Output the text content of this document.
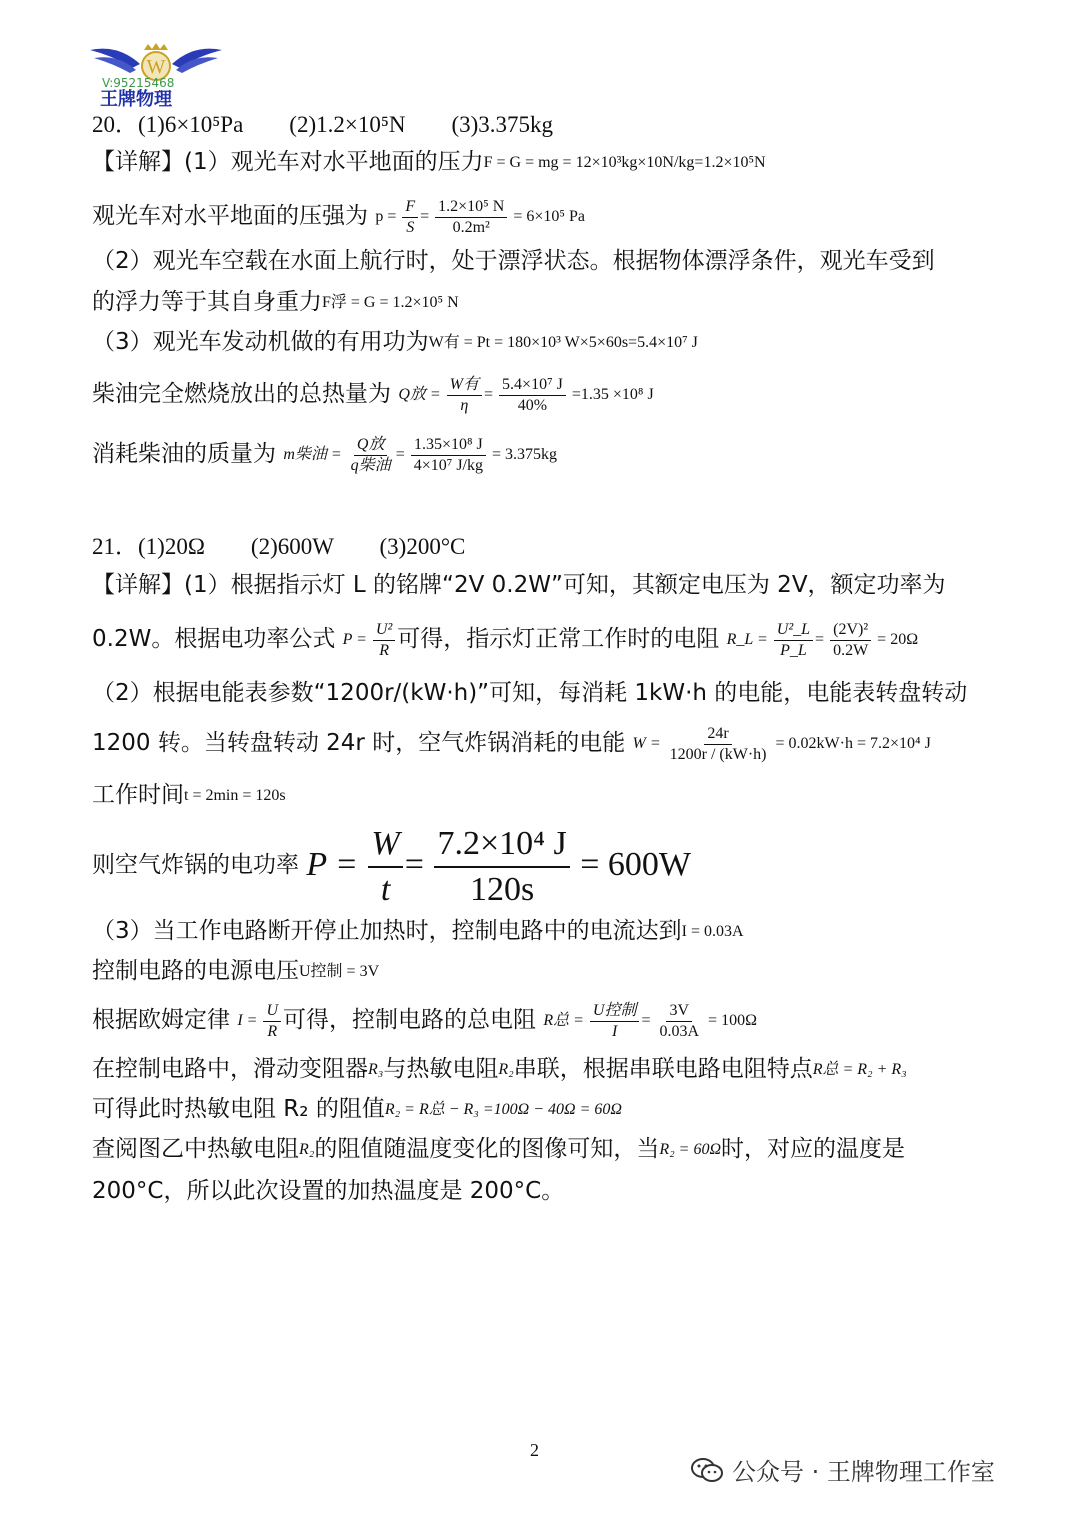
W
V:95215468
王牌物理
20．(1)6×10⁵Pa　　(2)1.2×10⁵N　　(3)3.375kg
【详解】(1）观光车对水平地面的压力F = G = mg = 12×10³kg×10N/kg=1.2×10⁵N
观光车对水平地面的压强为 $p = \frac{F}{S} = \frac{\text{1.2×10⁵ N}}{\text{0.2m²}} = 6\times 10^5$ Pa
（2）观光车空载在水面上航行时，处于漂浮状态。根据物体漂浮条件，观光车受到
的浮力等于其自身重力F浮 = G = 1.2×10⁵ N
（3）观光车发动机做的有用功为W有 = Pt = 180×10³ W×5×60s=5.4×10⁷ J
柴油完全燃烧放出的总热量为 Q放 = $\frac{\text{W有}}{\eta} = \frac{\text{5.4×10⁷ J}}{40\%} =1.35 \times 10^8$ J
消耗柴油的质量为 m柴油 = $\frac{\text{Q放}}{\text{q柴油}} = \frac{\text{1.35×10⁸ J}}{\text{4×10⁷ J/kg}} = 3.375kg$
21．(1)20Ω　　(2)600W　　(3)200°C
【详解】(1）根据指示灯 L 的铭牌“2V 0.2W”可知，其额定电压为 2V，额定功率为
0.2W。根据电功率公式 $P = \frac{\text{U²}}{R}$ 可得，指示灯正常工作时的电阻 R_L = $\frac{\text{U²\_L}}{P\_L} = \frac{\text{(2V)²}}{0.2W} = 20\Omega$
（2）根据电能表参数“1200r/(kW·h)”可知，每消耗 1kW·h 的电能，电能表转盘转动
1200 转。当转盘转动 24r 时，空气炸锅消耗的电能 $W = \frac{24r}{1200r / (kW\cdot h)} = 0.02kW\cdot h = 7.2\times 10^4$ J
工作时间t = 2min = 120s
则空气炸锅的电功率 $P = \frac{W}{t} = \frac{\text{7.2×10⁴ J}}{120s} = 600W$
（3）当工作电路断开停止加热时，控制电路中的电流达到I = 0.03A
控制电路的电源电压U控制 = 3V
根据欧姆定律 $I = \frac{U}{R}$ 可得，控制电路的总电阻 R总 = $\frac{\text{U控制}}{I} = \frac{3V}{0.03A} = 100\Omega$
在控制电路中，滑动变阻器R₃与热敏电阻R₂串联，根据串联电路电阻特点R总 = R₂ + R₃
可得此时热敏电阻 R₂ 的阻值R₂ = R总 − R₃ =100Ω − 40Ω = 60Ω
查阅图乙中热敏电阻R₂的阻值随温度变化的图像可知，当R₂ = 60Ω时，对应的温度是
200°C，所以此次设置的加热温度是 200°C。
2
公众号 · 王牌物理工作室
